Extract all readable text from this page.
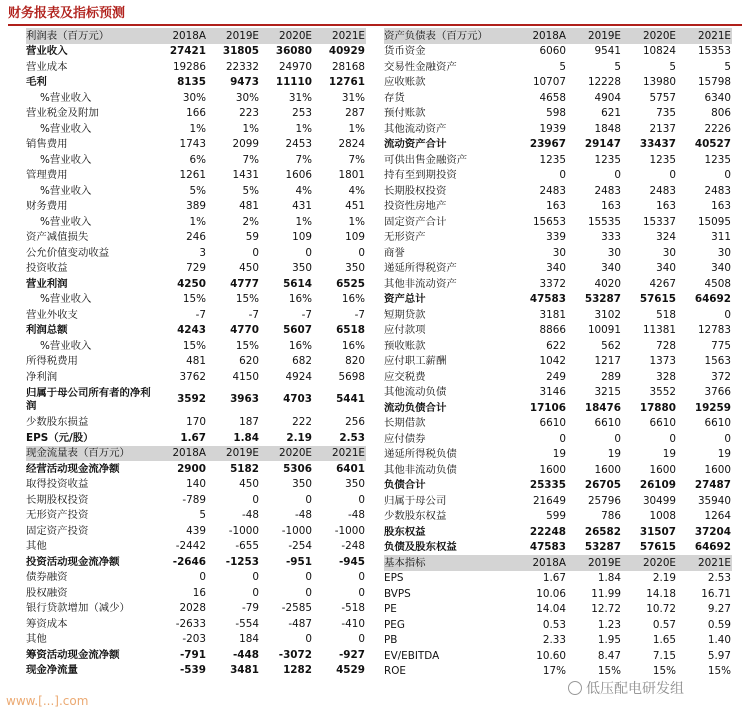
财务报表及指标预测
利润表（百万元）	2018A	2019E	2020E	2021E
营业收入	27421	31805	36080	40929
营业成本	19286	22332	24970	28168
毛利	8135	9473	11110	12761
%营业收入	30%	30%	31%	31%
营业税金及附加	166	223	253	287
%营业收入	1%	1%	1%	1%
销售费用	1743	2099	2453	2824
%营业收入	6%	7%	7%	7%
管理费用	1261	1431	1606	1801
%营业收入	5%	5%	4%	4%
财务费用	389	481	431	451
%营业收入	1%	2%	1%	1%
资产减值损失	246	59	109	109
公允价值变动收益	3	0	0	0
投资收益	729	450	350	350
营业利润	4250	4777	5614	6525
%营业收入	15%	15%	16%	16%
营业外收支	-7	-7	-7	-7
利润总额	4243	4770	5607	6518
%营业收入	15%	15%	16%	16%
所得税费用	481	620	682	820
净利润	3762	4150	4924	5698
归属于母公司所有者的净利润	3592	3963	4703	5441
少数股东损益	170	187	222	256
EPS（元/股）	1.67	1.84	2.19	2.53
现金流量表（百万元）	2018A	2019E	2020E	2021E
经营活动现金流净额	2900	5182	5306	6401
取得投资收益	140	450	350	350
长期股权投资	-789	0	0	0
无形资产投资	5	-48	-48	-48
固定资产投资	439	-1000	-1000	-1000
其他	-2442	-655	-254	-248
投资活动现金流净额	-2646	-1253	-951	-945
债券融资	0	0	0	0
股权融资	16	0	0	0
银行贷款增加（减少）	2028	-79	-2585	-518
筹资成本	-2633	-554	-487	-410
其他	-203	184	0	0
筹资活动现金流净额	-791	-448	-3072	-927
现金净流量	-539	3481	1282	4529
资产负债表（百万元）	2018A	2019E	2020E	2021E
货币资金	6060	9541	10824	15353
交易性金融资产	5	5	5	5
应收账款	10707	12228	13980	15798
存货	4658	4904	5757	6340
预付账款	598	621	735	806
其他流动资产	1939	1848	2137	2226
流动资产合计	23967	29147	33437	40527
可供出售金融资产	1235	1235	1235	1235
持有至到期投资	0	0	0	0
长期股权投资	2483	2483	2483	2483
投资性房地产	163	163	163	163
固定资产合计	15653	15535	15337	15095
无形资产	339	333	324	311
商誉	30	30	30	30
递延所得税资产	340	340	340	340
其他非流动资产	3372	4020	4267	4508
资产总计	47583	53287	57615	64692
短期贷款	3181	3102	518	0
应付款项	8866	10091	11381	12783
预收账款	622	562	728	775
应付职工薪酬	1042	1217	1373	1563
应交税费	249	289	328	372
其他流动负债	3146	3215	3552	3766
流动负债合计	17106	18476	17880	19259
长期借款	6610	6610	6610	6610
应付债券	0	0	0	0
递延所得税负债	19	19	19	19
其他非流动负债	1600	1600	1600	1600
负债合计	25335	26705	26109	27487
归属于母公司	21649	25796	30499	35940
少数股东权益	599	786	1008	1264
股东权益	22248	26582	31507	37204
负债及股东权益	47583	53287	57615	64692
基本指标	2018A	2019E	2020E	2021E
EPS	1.67	1.84	2.19	2.53
BVPS	10.06	11.99	14.18	16.71
PE	14.04	12.72	10.72	9.27
PEG	0.53	1.23	0.57	0.59
PB	2.33	1.95	1.65	1.40
EV/EBITDA	10.60	8.47	7.15	5.97
ROE	17%	15%	15%	15%
www.[...].com
低压配电研发组
